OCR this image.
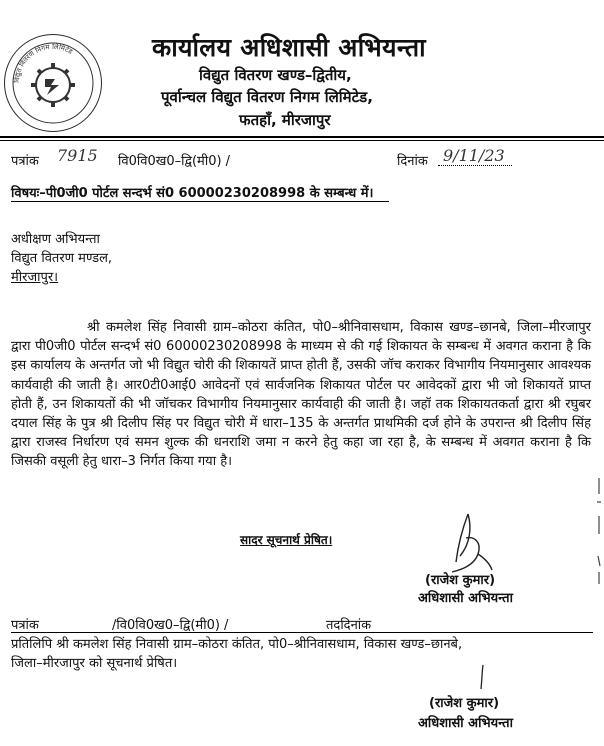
विद्युत वितरण निगम लिमिटेड	कार्यालय अधिशासी अभियन्ता
विद्युत वितरण खण्ड–द्वितीय,
पूर्वान्चल विद्युत वितरण निगम लिमिटेड,
फतहाँ, मीरजापुर
पत्रांक 7915 वि0वि0ख0–द्वि(मी0) /	दिनांक 9/11/23
विषयः–पी0जी0 पोर्टल सन्दर्भ सं0 60000230208998 के सम्बन्ध में।
अधीक्षण अभियन्ता
विद्युत वितरण मण्डल,
मीरजापुर।
श्री कमलेश सिंह निवासी ग्राम–कोठरा कंतित, पो0–श्रीनिवासधाम, विकास खण्ड–छानबे, जिला–मीरजापुर द्वारा पी0जी0 पोर्टल सन्दर्भ सं0 60000230208998 के माध्यम से की गई शिकायत के सम्बन्ध में अवगत कराना है कि इस कार्यालय के अन्तर्गत जो भी विद्युत चोरी की शिकायतें प्राप्त होती हैं, उसकी जॉच कराकर विभागीय नियमानुसार आवश्यक कार्यवाही की जाती है। आर0टी0आई0 आवेदनों एवं सार्वजनिक शिकायत पोर्टल पर आवेदकों द्वारा भी जो शिकायतें प्राप्त होती हैं, उन शिकायतों की भी जॉचकर विभागीय नियमानुसार कार्यवाही की जाती है। जहॉ तक शिकायतकर्ता द्वारा श्री रघुबर दयाल सिंह के पुत्र श्री दिलीप सिंह पर विद्युत चोरी में धारा–135 के अन्तर्गत प्राथमिकी दर्ज होने के उपरान्त श्री दिलीप सिंह द्वारा राजस्व निर्धारण एवं समन शुल्क की धनराशि जमा न करने हेतु कहा जा रहा है, के सम्बन्ध में अवगत कराना है कि जिसकी वसूली हेतु धारा–3 निर्गत किया गया है।
सादर सूचनार्थ प्रेषित।
(राजेश कुमार)
अधिशासी अभियन्ता
पत्रांक	/वि0वि0ख0–द्वि(मी0) /	तददिनांक
प्रतिलिपि श्री कमलेश सिंह निवासी ग्राम–कोठरा कंतित, पो0–श्रीनिवासधाम, विकास खण्ड–छानबे,
जिला–मीरजापुर को सूचनार्थ प्रेषित।
(राजेश कुमार)
अधिशासी अभियन्ता
